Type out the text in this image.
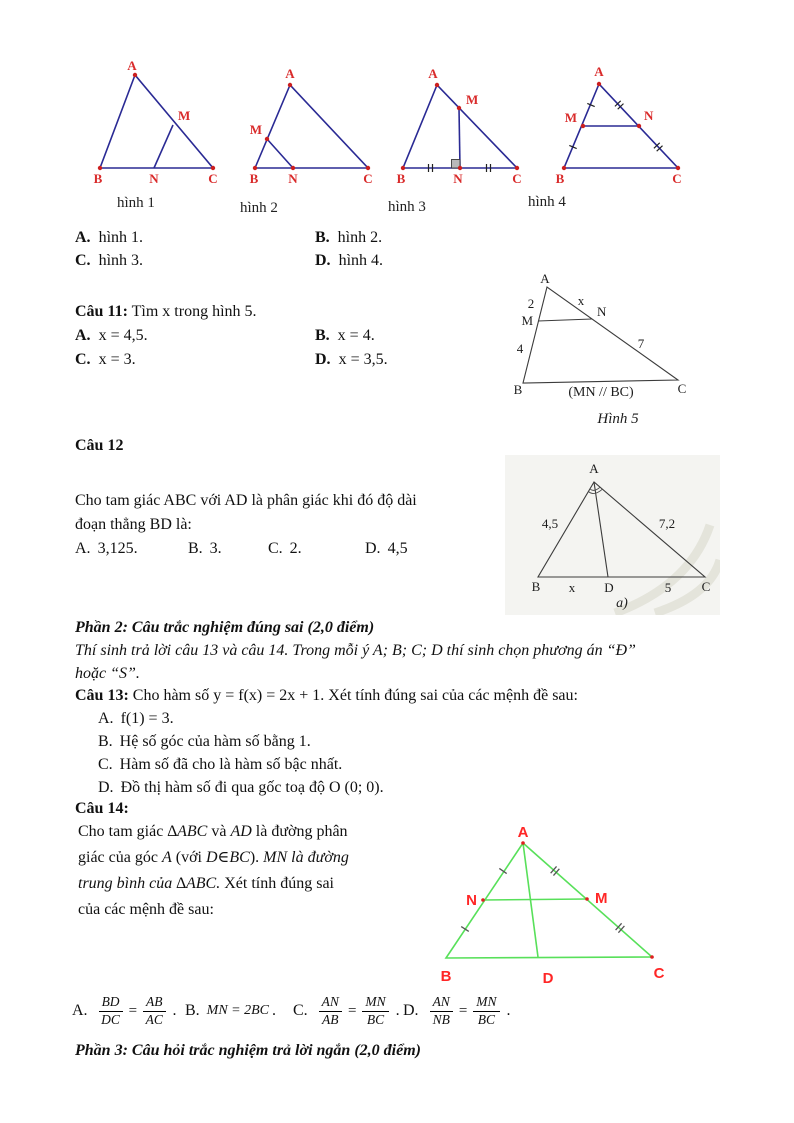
A
M
B	N	C
A
M
B N	C
A
M
B	N	C
A
M	N
B	C
hình 1	hình 2	hình 3	hình 4
A. hình 1.	B. hình 2.
C. hình 3.	D. hình 4.
Câu 11: Tìm x trong hình 5.
A. x = 4,5.	B. x = 4.
C. x = 3.	D. x = 3,5.
A
2	x
M
N
4	7
B	C
(MN // BC)
Hình 5
Câu 12
Cho tam giác ABC với AD là phân giác khi đó độ dài
đoạn thẳng BD là:
A. 3,125.	B. 3.	C. 2.	D. 4,5
A
4,5	7,2
B x D	5 C
a)
Phần 2: Câu trắc nghiệm đúng sai (2,0 điểm)
Thí sinh trả lời câu 13 và câu 14. Trong mỗi ý A; B; C; D thí sinh chọn phương án “Đ”
hoặc “S”.
Câu 13: Cho hàm số y = f(x) = 2x + 1. Xét tính đúng sai của các mệnh đề sau:
A. f(1) = 3.
B. Hệ số góc của hàm số bằng 1.
C. Hàm số đã cho là hàm số bậc nhất.
D. Đồ thị hàm số đi qua gốc toạ độ O (0; 0).
Câu 14:
Cho tam giác ∆ABC và AD là đường phân
giác của góc A (với D∈BC). MN là đường
trung bình của ∆ABC. Xét tính đúng sai
của các mệnh đề sau:
A
N	M
B	D	C
A. $\frac{BD}{DC} = \frac{AB}{AC}$ . B. MN = 2BC . C. $\frac{AN}{AB} = \frac{MN}{BC}$ . D. $\frac{AN}{NB} = \frac{MN}{BC}$ .
Phần 3: Câu hỏi trắc nghiệm trả lời ngắn (2,0 điểm)
